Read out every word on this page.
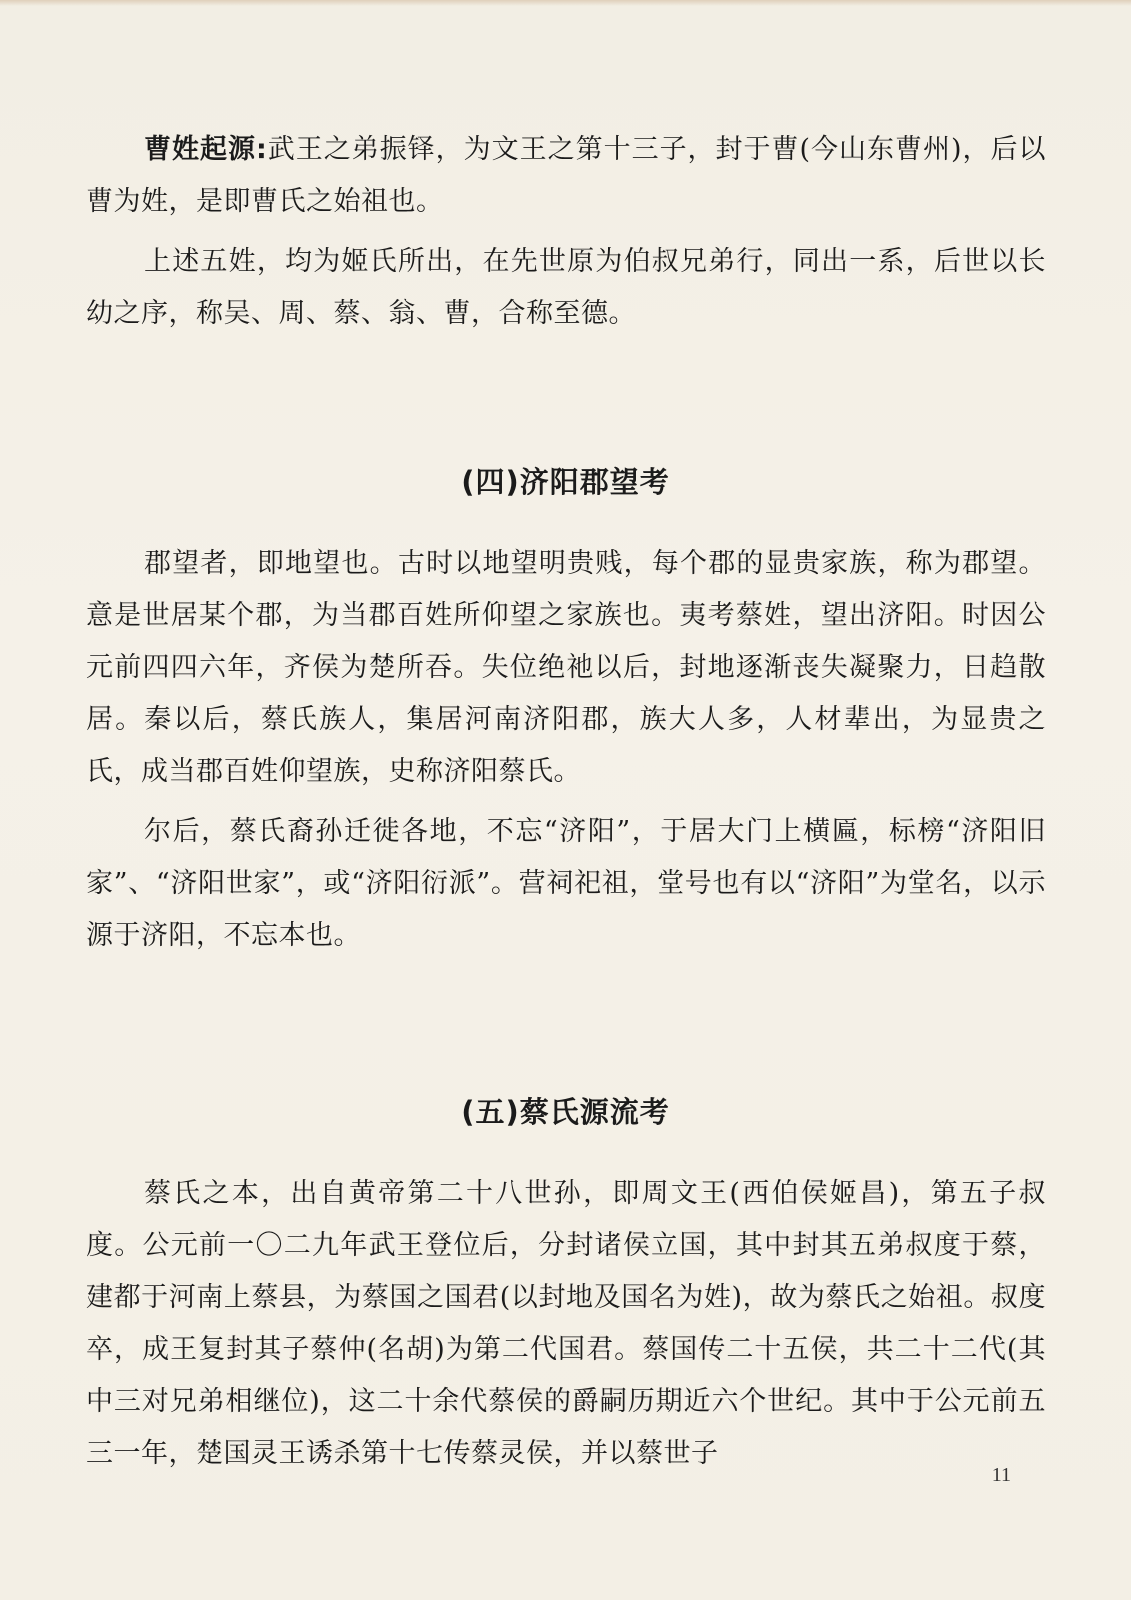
曹姓起源:武王之弟振铎，为文王之第十三子，封于曹(今山东曹州)，后以曹为姓，是即曹氏之始祖也。

上述五姓，均为姬氏所出，在先世原为伯叔兄弟行，同出一系，后世以长幼之序，称吴、周、蔡、翁、曹，合称至德。

(四)济阳郡望考

郡望者，即地望也。古时以地望明贵贱，每个郡的显贵家族，称为郡望。意是世居某个郡，为当郡百姓所仰望之家族也。夷考蔡姓，望出济阳。时因公元前四四六年，齐侯为楚所吞。失位绝祂以后，封地逐渐丧失凝聚力，日趋散居。秦以后，蔡氏族人，集居河南济阳郡，族大人多，人材辈出，为显贵之氏，成当郡百姓仰望族，史称济阳蔡氏。

尔后，蔡氏裔孙迁徙各地，不忘“济阳”，于居大门上横匾，标榜“济阳旧家”、“济阳世家”，或“济阳衍派”。营祠祀祖，堂号也有以“济阳”为堂名，以示源于济阳，不忘本也。

(五)蔡氏源流考

蔡氏之本，出自黄帝第二十八世孙，即周文王(西伯侯姬昌)，第五子叔度。公元前一〇二九年武王登位后，分封诸侯立国，其中封其五弟叔度于蔡，建都于河南上蔡县，为蔡国之国君(以封地及国名为姓)，故为蔡氏之始祖。叔度卒，成王复封其子蔡仲(名胡)为第二代国君。蔡国传二十五侯，共二十二代(其中三对兄弟相继位)，这二十余代蔡侯的爵嗣历期近六个世纪。其中于公元前五三一年，楚国灵王诱杀第十七传蔡灵侯，并以蔡世子

11
